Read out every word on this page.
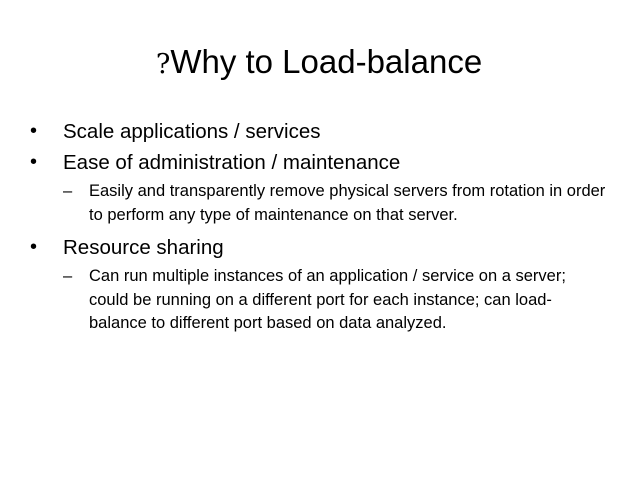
?Why to Load-balance
•	Scale applications / services
•	Ease of administration / maintenance
–	Easily and transparently remove physical servers from rotation in order to perform any type of maintenance on that server.
•	Resource sharing
–	Can run multiple instances of an application / service on a server; could be running on a different port for each instance; can load-balance to different port based on data analyzed.
